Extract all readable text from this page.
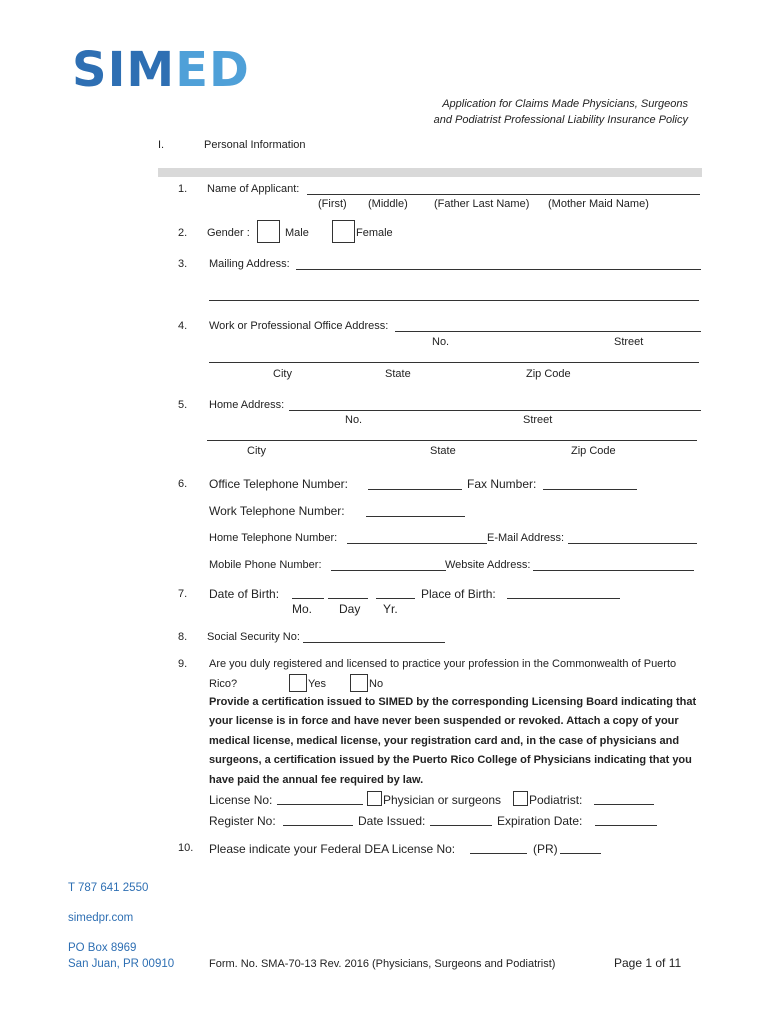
SIMED
Application for Claims Made Physicians, Surgeons
and Podiatrist Professional Liability Insurance Policy
I.	Personal Information
1. Name of Applicant:
(First) (Middle) (Father Last Name) (Mother Maid Name)
2. Gender :	Male	Female
3. Mailing Address:
4. Work or Professional Office Address:
No.	Street
City	State	Zip Code
5. Home Address:
No.	Street
City	State	Zip Code
6. Office Telephone Number:	Fax Number:
Work Telephone Number:
Home Telephone Number:	E-Mail Address:
Mobile Phone Number:	Website Address:
7. Date of Birth:	Place of Birth:
Mo. Day Yr.
8. Social Security No:
9. Are you duly registered and licensed to practice your profession in the Commonwealth of Puerto
Rico?	Yes	No
Provide a certification issued to SIMED by the corresponding Licensing Board indicating that
your license is in force and have never been suspended or revoked. Attach a copy of your
medical license, medical license, your registration card and, in the case of physicians and
surgeons, a certification issued by the Puerto Rico College of Physicians indicating that you
have paid the annual fee required by law.
License No:	Physician or surgeons Podiatrist:
Register No:	Date Issued:	Expiration Date:
10. Please indicate your Federal DEA License No:	(PR)
T 787 641 2550
simedpr.com
PO Box 8969
San Juan, PR 00910	Form. No. SMA-70-13 Rev. 2016 (Physicians, Surgeons and Podiatrist)	Page 1 of 11
